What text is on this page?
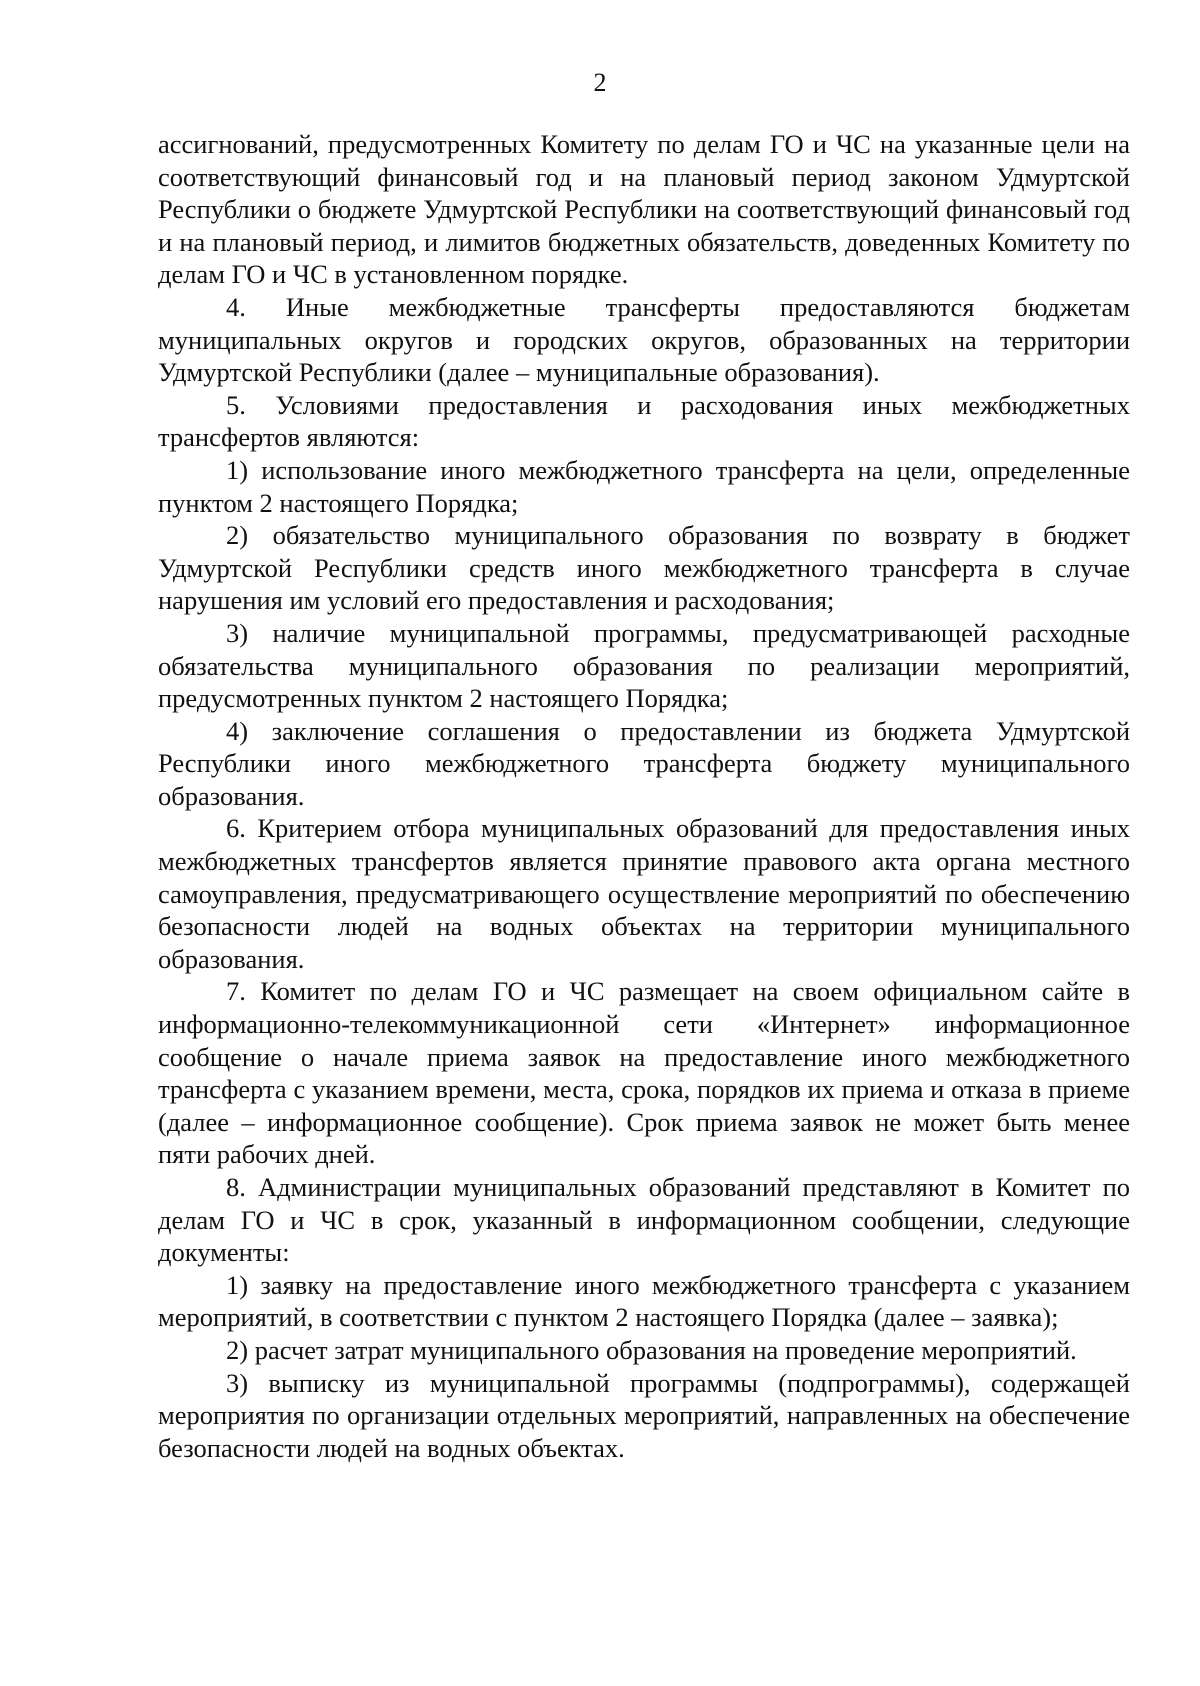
2

ассигнований, предусмотренных Комитету по делам ГО и ЧС на указанные цели на соответствующий финансовый год и на плановый период законом Удмуртской Республики о бюджете Удмуртской Республики на соответствующий финансовый год и на плановый период, и лимитов бюджетных обязательств, доведенных Комитету по делам ГО и ЧС в установленном порядке.

4. Иные межбюджетные трансферты предоставляются бюджетам муниципальных округов и городских округов, образованных на территории Удмуртской Республики (далее – муниципальные образования).

5. Условиями предоставления и расходования иных межбюджетных трансфертов являются:

1) использование иного межбюджетного трансферта на цели, определенные пунктом 2 настоящего Порядка;

2) обязательство муниципального образования по возврату в бюджет Удмуртской Республики средств иного межбюджетного трансферта в случае нарушения им условий его предоставления и расходования;

3) наличие муниципальной программы, предусматривающей расходные обязательства муниципального образования по реализации мероприятий, предусмотренных пунктом 2 настоящего Порядка;

4) заключение соглашения о предоставлении из бюджета Удмуртской Республики иного межбюджетного трансферта бюджету муниципального образования.

6. Критерием отбора муниципальных образований для предоставления иных межбюджетных трансфертов является принятие правового акта органа местного самоуправления, предусматривающего осуществление мероприятий по обеспечению безопасности людей на водных объектах на территории муниципального образования.

7. Комитет по делам ГО и ЧС размещает на своем официальном сайте в информационно-телекоммуникационной сети «Интернет» информационное сообщение о начале приема заявок на предоставление иного межбюджетного трансферта с указанием времени, места, срока, порядков их приема и отказа в приеме (далее – информационное сообщение). Срок приема заявок не может быть менее пяти рабочих дней.

8. Администрации муниципальных образований представляют в Комитет по делам ГО и ЧС в срок, указанный в информационном сообщении, следующие документы:

1) заявку на предоставление иного межбюджетного трансферта с указанием мероприятий, в соответствии с пунктом 2 настоящего Порядка (далее – заявка);

2) расчет затрат муниципального образования на проведение мероприятий.

3) выписку из муниципальной программы (подпрограммы), содержащей мероприятия по организации отдельных мероприятий, направленных на обеспечение безопасности людей на водных объектах.
